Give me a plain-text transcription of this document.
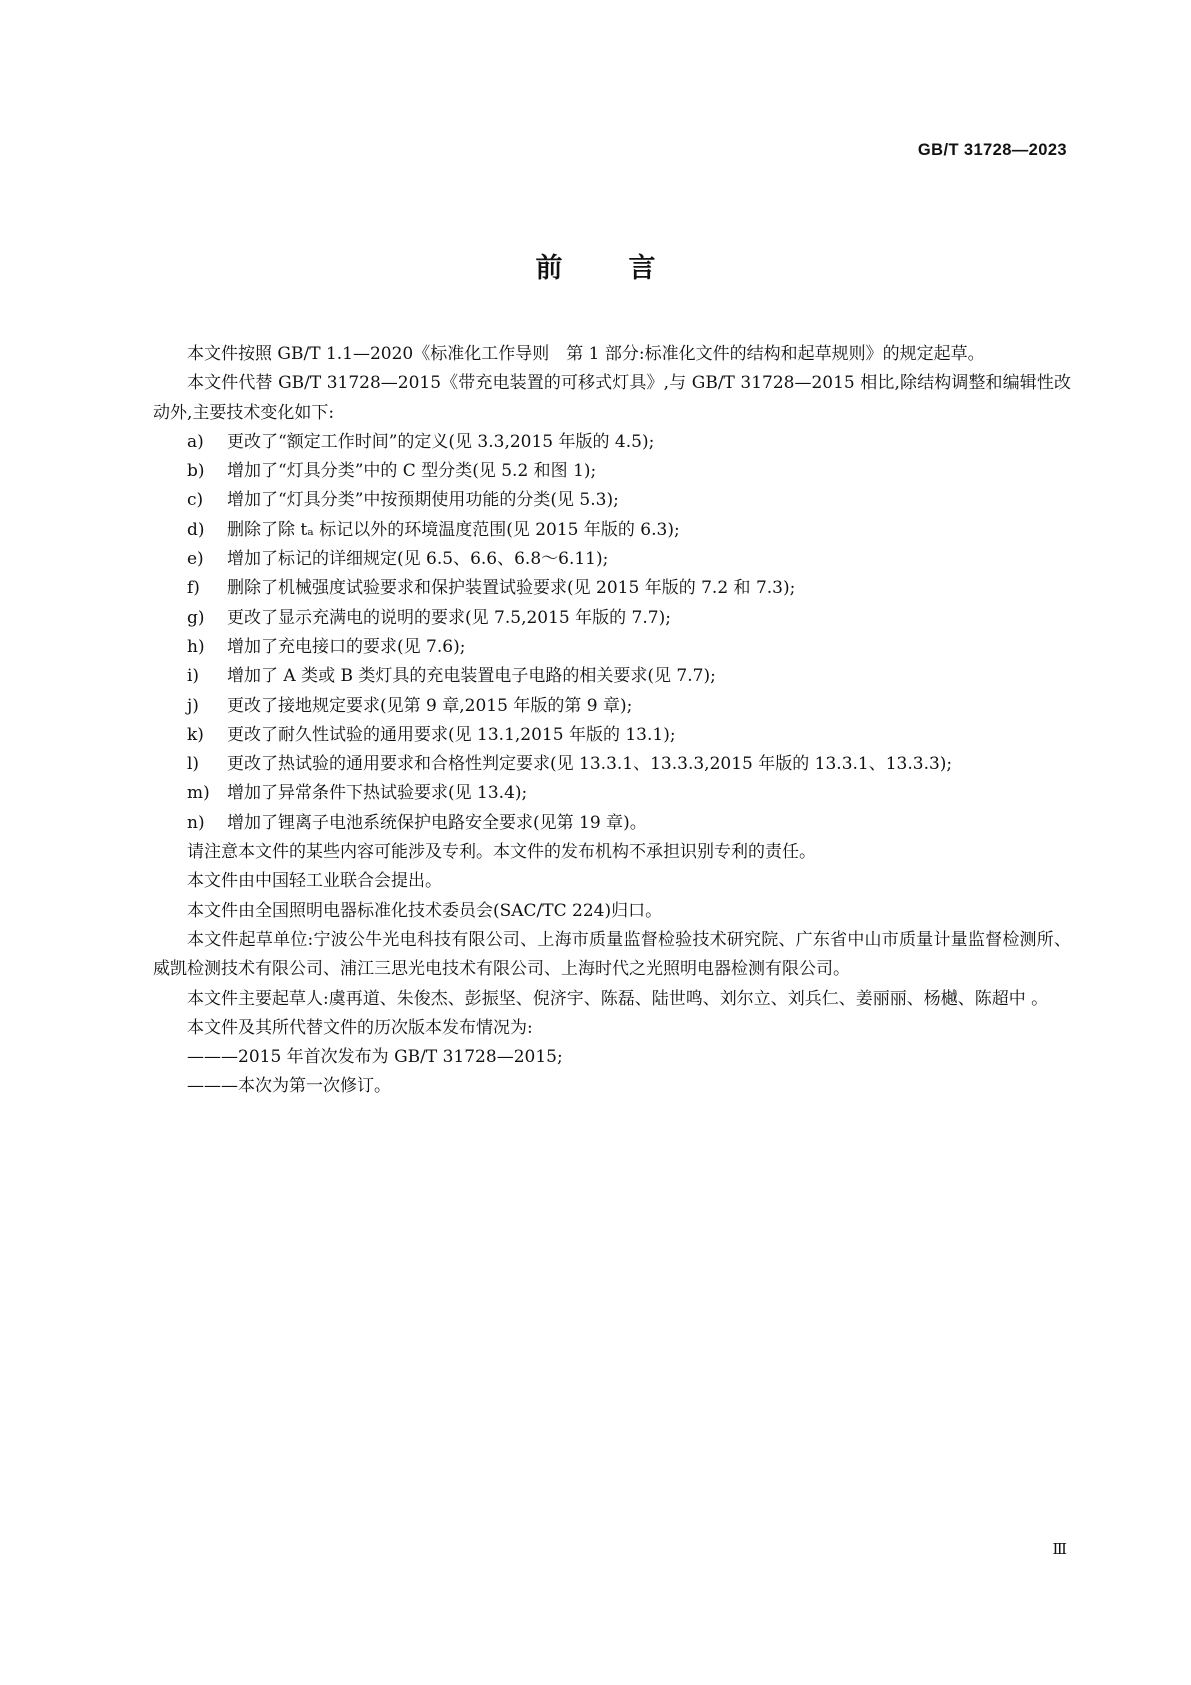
GB/T 31728—2023
前言

本文件按照 GB/T 1.1—2020《标准化工作导则　第 1 部分:标准化文件的结构和起草规则》的规定起草。

本文件代替 GB/T 31728—2015《带充电装置的可移式灯具》,与 GB/T 31728—2015 相比,除结构调整和编辑性改动外,主要技术变化如下:

a) 更改了“额定工作时间”的定义(见 3.3,2015 年版的 4.5);
b) 增加了“灯具分类”中的 C 型分类(见 5.2 和图 1);
c) 增加了“灯具分类”中按预期使用功能的分类(见 5.3);
d) 删除了除 tₐ 标记以外的环境温度范围(见 2015 年版的 6.3);
e) 增加了标记的详细规定(见 6.5、6.6、6.8～6.11);
f) 删除了机械强度试验要求和保护装置试验要求(见 2015 年版的 7.2 和 7.3);
g) 更改了显示充满电的说明的要求(见 7.5,2015 年版的 7.7);
h) 增加了充电接口的要求(见 7.6);
i) 增加了 A 类或 B 类灯具的充电装置电子电路的相关要求(见 7.7);
j) 更改了接地规定要求(见第 9 章,2015 年版的第 9 章);
k) 更改了耐久性试验的通用要求(见 13.1,2015 年版的 13.1);
l) 更改了热试验的通用要求和合格性判定要求(见 13.3.1、13.3.3,2015 年版的 13.3.1、13.3.3);
m) 增加了异常条件下热试验要求(见 13.4);
n) 增加了锂离子电池系统保护电路安全要求(见第 19 章)。

请注意本文件的某些内容可能涉及专利。本文件的发布机构不承担识别专利的责任。

本文件由中国轻工业联合会提出。

本文件由全国照明电器标准化技术委员会(SAC/TC 224)归口。

本文件起草单位:宁波公牛光电科技有限公司、上海市质量监督检验技术研究院、广东省中山市质量计量监督检测所、威凯检测技术有限公司、浦江三思光电技术有限公司、上海时代之光照明电器检测有限公司。

本文件主要起草人:虞再道、朱俊杰、彭振坚、倪济宇、陈磊、陆世鸣、刘尔立、刘兵仁、姜丽丽、杨樾、陈超中 。

本文件及其所代替文件的历次版本发布情况为:

———2015 年首次发布为 GB/T 31728—2015;
———本次为第一次修订。
Ⅲ
